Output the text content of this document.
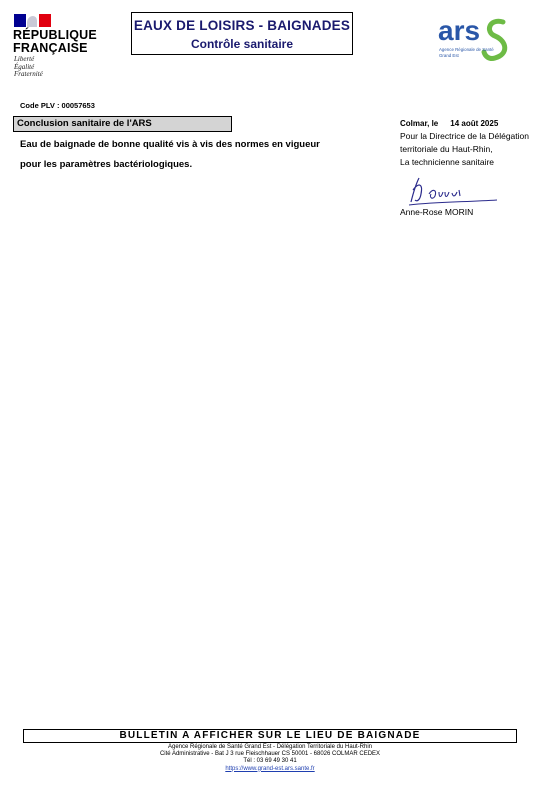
RÉPUBLIQUE
FRANÇAISE
Liberté
Égalité
Fraternité
EAUX DE LOISIRS - BAIGNADES
Contrôle sanitaire	ars
Agence Régionale de Santé
Grand Est
Code PLV : 00057653
Conclusion sanitaire de l'ARS
Eau de baignade de bonne qualité vis à vis des normes en vigueur
pour les paramètres bactériologiques.
Colmar, le 14 août 2025
Pour la Directrice de la Délégation
territoriale du Haut-Rhin,
La technicienne sanitaire
Anne-Rose MORIN
BULLETIN A AFFICHER SUR LE LIEU DE BAIGNADE
Agence Régionale de Santé Grand Est - Délégation Territoriale du Haut-Rhin
Cité Administrative - Bat J 3 rue Fleischhauer CS 50001 - 68026 COLMAR CEDEX
Tél : 03 69 49 30 41
https://www.grand-est.ars.sante.fr
